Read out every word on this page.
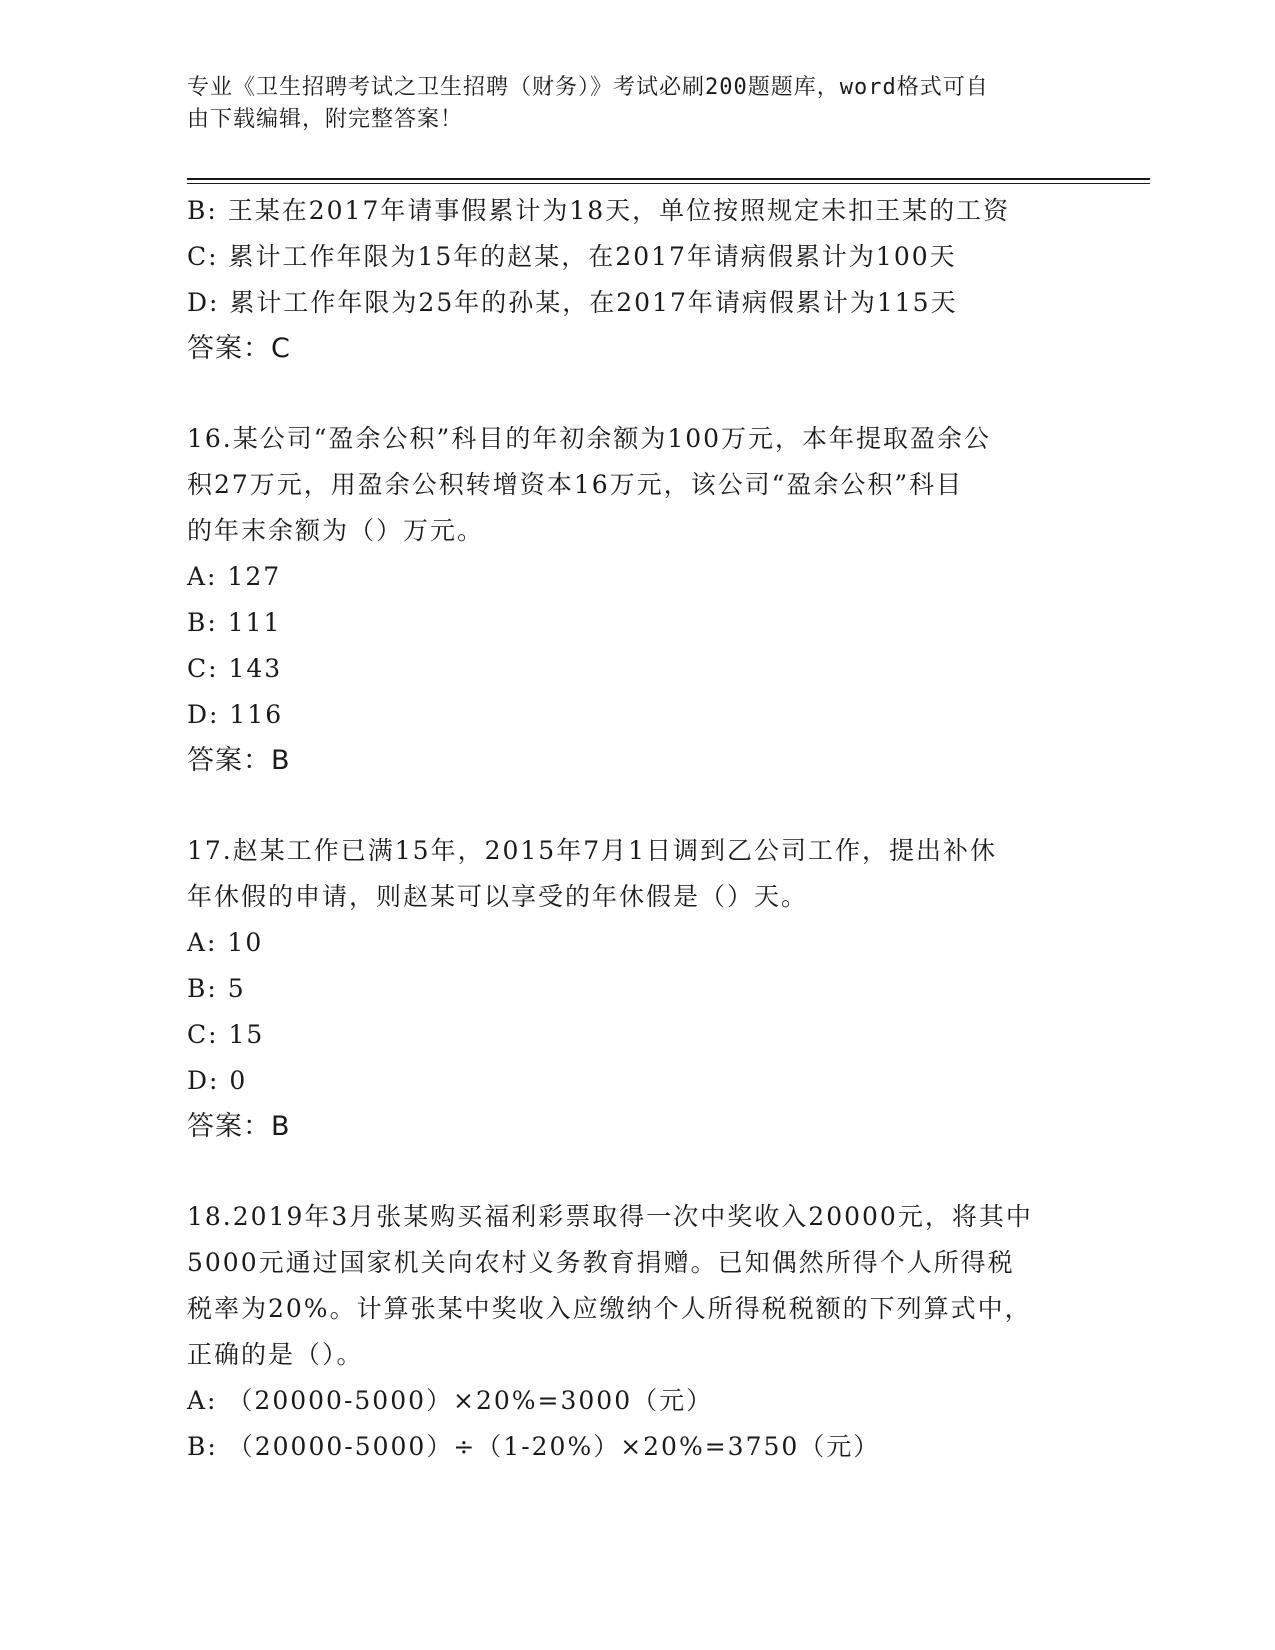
专业《卫生招聘考试之卫生招聘（财务）》考试必刷200题题库，word格式可自
由下载编辑，附完整答案！
B: 王某在2017年请事假累计为18天，单位按照规定未扣王某的工资
C: 累计工作年限为15年的赵某，在2017年请病假累计为100天
D: 累计工作年限为25年的孙某，在2017年请病假累计为115天
答案：C
16.某公司“盈余公积”科目的年初余额为100万元，本年提取盈余公
积27万元，用盈余公积转增资本16万元，该公司“盈余公积”科目
的年末余额为（）万元。
A: 127
B: 111
C: 143
D: 116
答案：B
17.赵某工作已满15年，2015年7月1日调到乙公司工作，提出补休
年休假的申请，则赵某可以享受的年休假是（）天。
A: 10
B: 5
C: 15
D: 0
答案：B
18.2019年3月张某购买福利彩票取得一次中奖收入20000元，将其中
5000元通过国家机关向农村义务教育捐赠。已知偶然所得个人所得税
税率为20%。计算张某中奖收入应缴纳个人所得税税额的下列算式中，
正确的是（）。
A: （20000-5000）×20%=3000（元）
B: （20000-5000）÷（1-20%）×20%=3750（元）
